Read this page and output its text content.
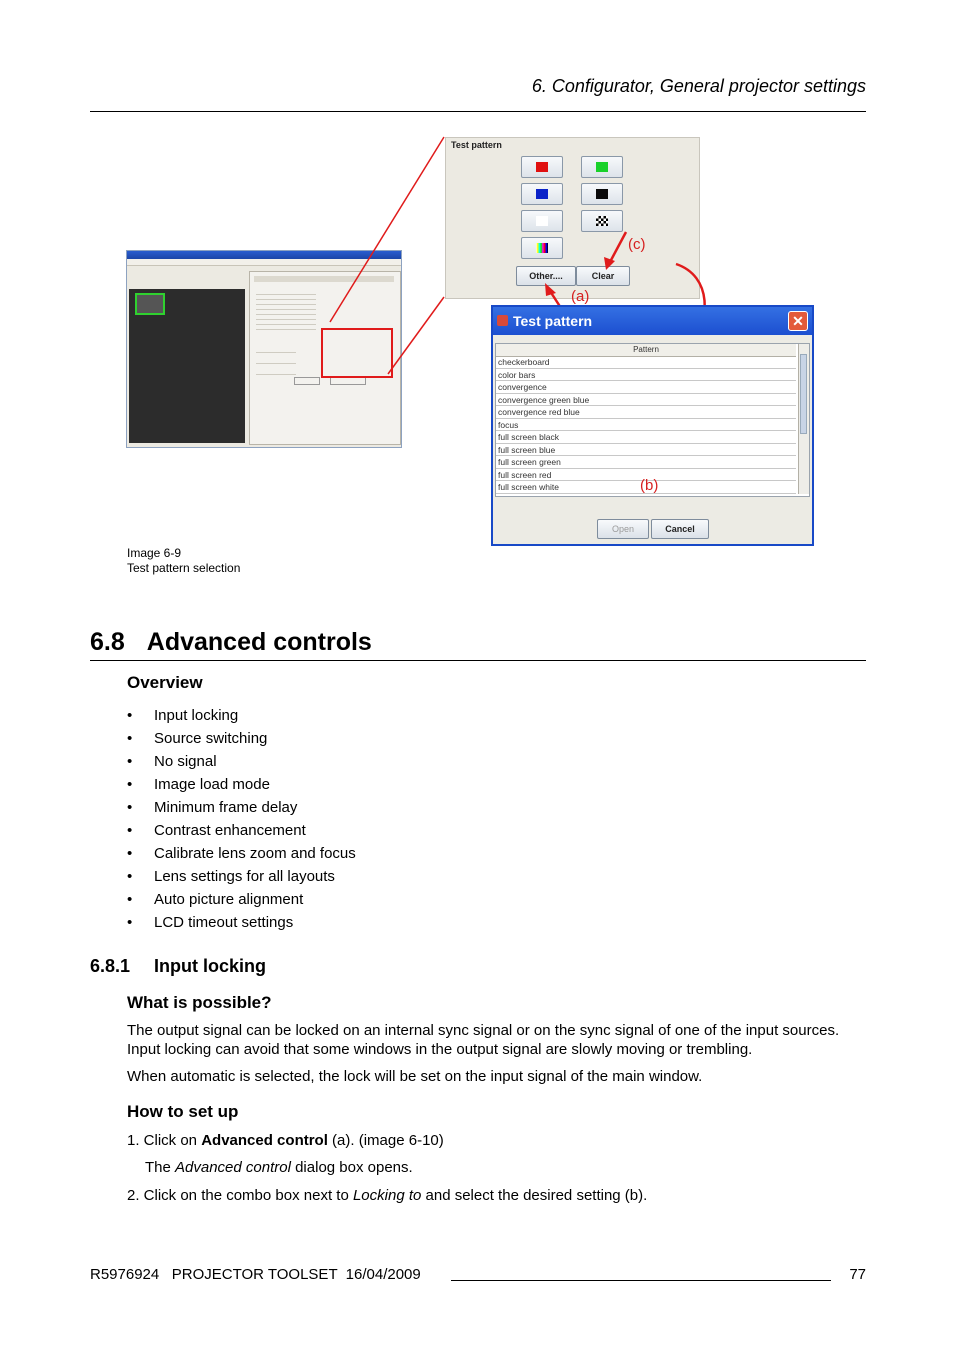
6. Configurator, General projector settings
Test pattern
Other....	Clear
(c)
(a)
Test pattern	✕
Pattern
checkerboard
color bars
convergence
convergence green blue
convergence red blue
focus
full screen black
full screen blue
full screen green
full screen red
full screen white
Open	Cancel
(b)
Image 6-9
Test pattern selection
6.8 Advanced controls
Overview
• Input locking
• Source switching
• No signal
• Image load mode
• Minimum frame delay
• Contrast enhancement
• Calibrate lens zoom and focus
• Lens settings for all layouts
• Auto picture alignment
• LCD timeout settings
6.8.1 Input locking
What is possible?
The output signal can be locked on an internal sync signal or on the sync signal of one of the input sources.
Input locking can avoid that some windows in the output signal are slowly moving or trembling.
When automatic is selected, the lock will be set on the input signal of the main window.
How to set up
1. Click on Advanced control (a). (image 6-10)
The Advanced control dialog box opens.
2. Click on the combo box next to Locking to and select the desired setting (b).
R5976924   PROJECTOR TOOLSET  16/04/2009	77
